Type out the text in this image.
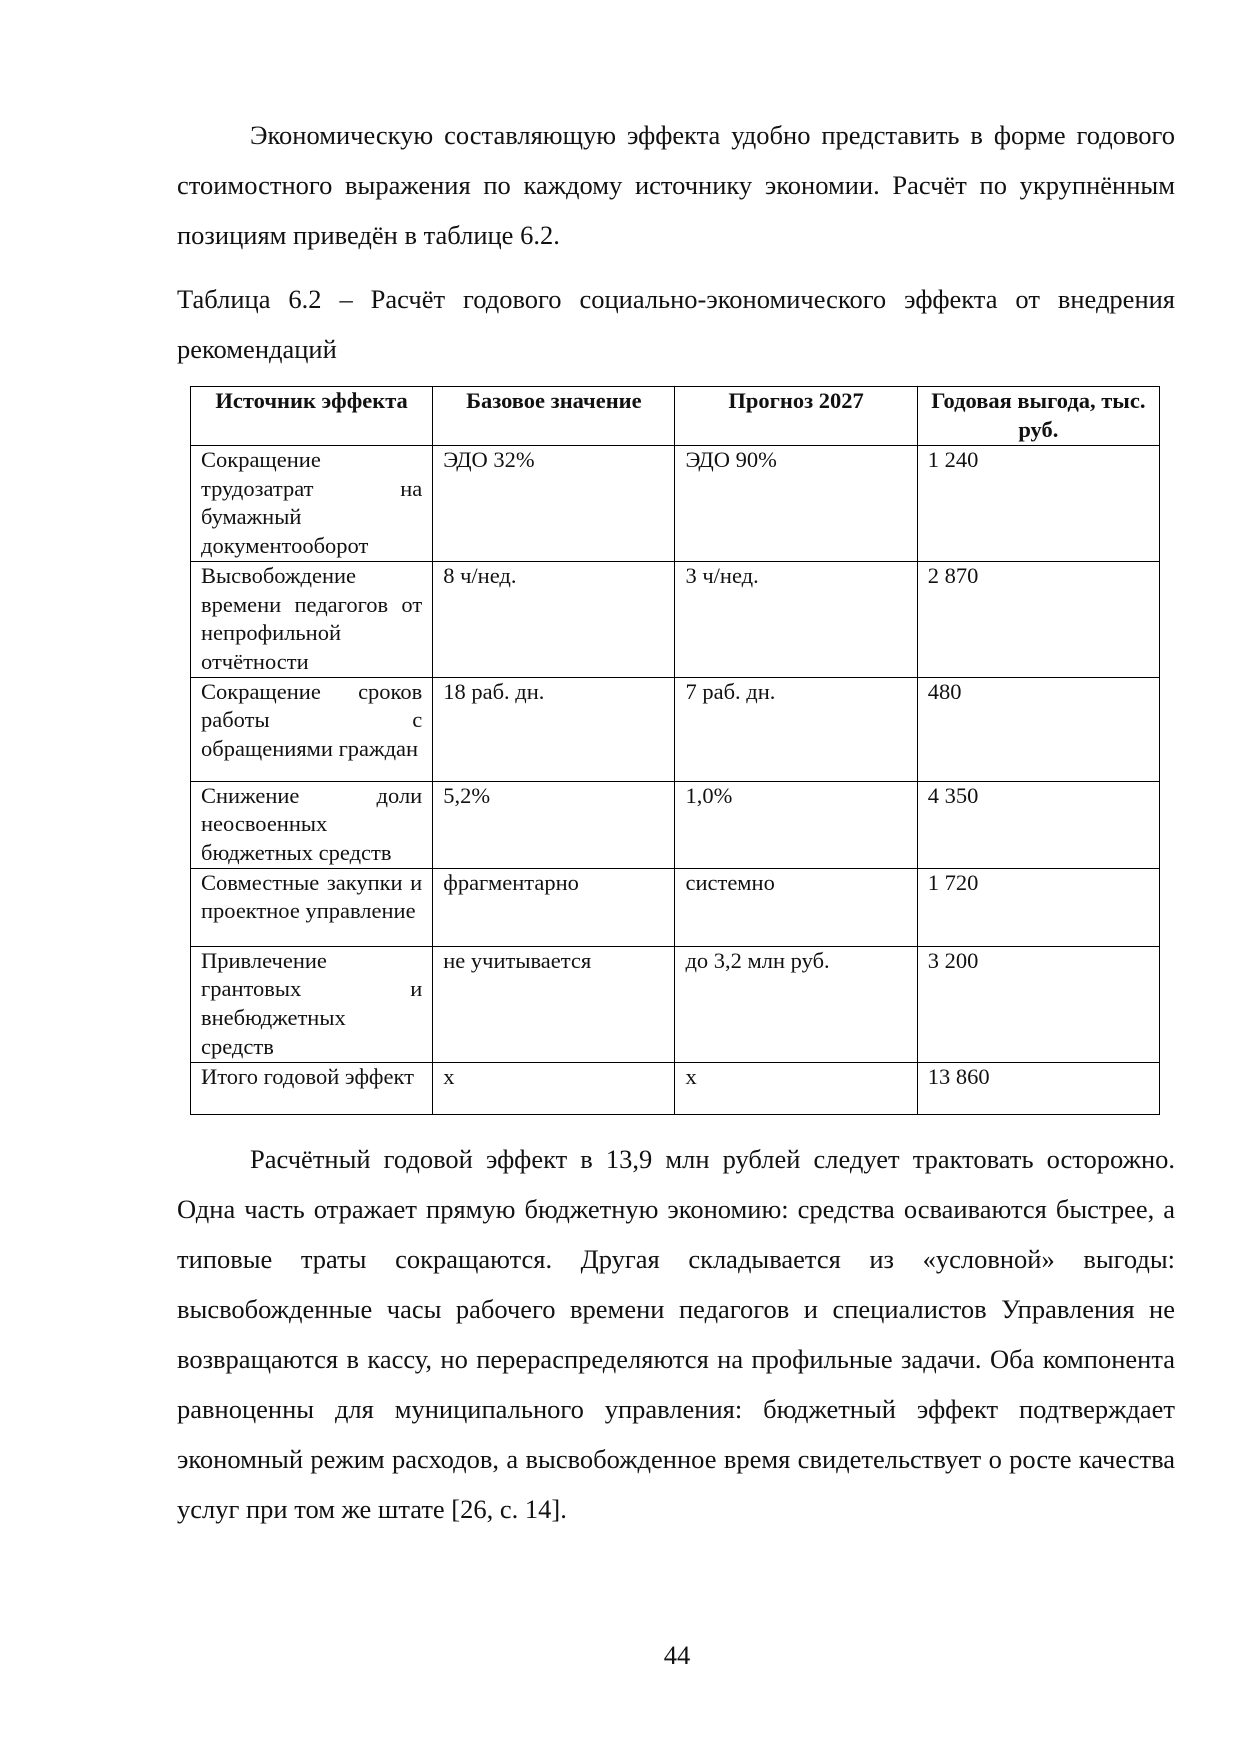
Экономическую составляющую эффекта удобно представить в форме годового стоимостного выражения по каждому источнику экономии. Расчёт по укрупнённым позициям приведён в таблице 6.2.

Таблица 6.2 – Расчёт годового социально-экономического эффекта от внедрения рекомендаций

Источник эффекта	Базовое значение	Прогноз 2027	Годовая выгода, тыс. руб.
Сокращение трудозатрат на бумажный документооборот	ЭДО 32%	ЭДО 90%	1 240
Высвобождение времени педагогов от непрофильной отчётности	8 ч/нед.	3 ч/нед.	2 870
Сокращение сроков работы с обращениями граждан	18 раб. дн.	7 раб. дн.	480
Снижение доли неосвоенных бюджетных средств	5,2%	1,0%	4 350
Совместные закупки и проектное управление	фрагментарно	системно	1 720
Привлечение грантовых и внебюджетных средств	не учитывается	до 3,2 млн руб.	3 200
Итого годовой эффект	х	х	13 860

Расчётный годовой эффект в 13,9 млн рублей следует трактовать осторожно. Одна часть отражает прямую бюджетную экономию: средства осваиваются быстрее, а типовые траты сокращаются. Другая складывается из «условной» выгоды: высвобожденные часы рабочего времени педагогов и специалистов Управления не возвращаются в кассу, но перераспределяются на профильные задачи. Оба компонента равноценны для муниципального управления: бюджетный эффект подтверждает экономный режим расходов, а высвобожденное время свидетельствует о росте качества услуг при том же штате [26, с. 14].

44
